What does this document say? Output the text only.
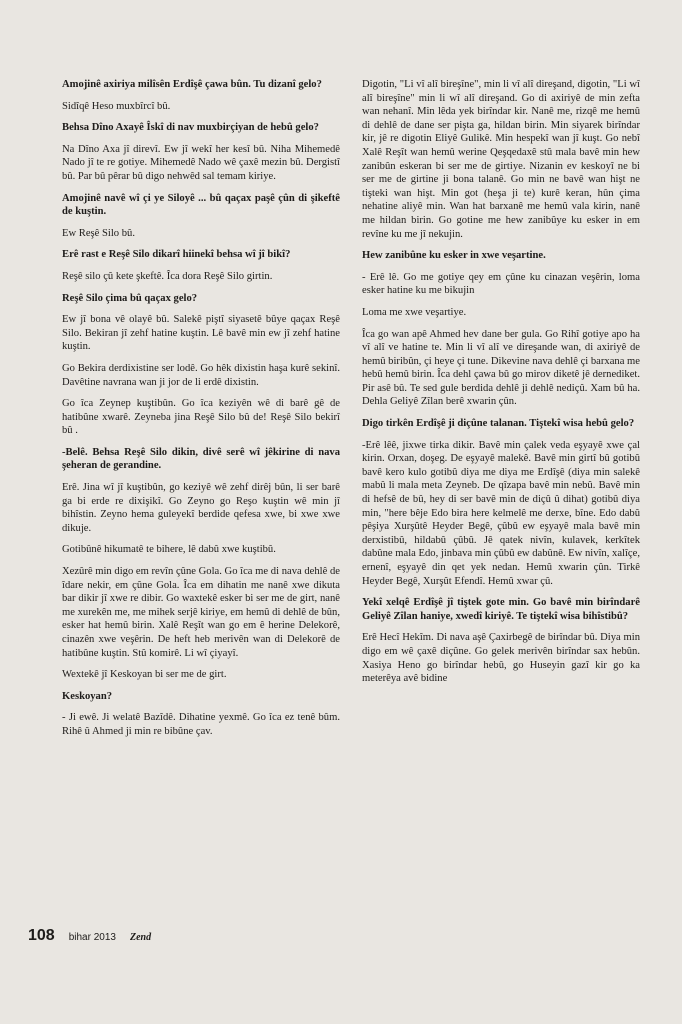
Amojinê axiriya milîsên Erdîşê çawa bûn. Tu dizanî gelo?

Sidîqê Heso muxbîrcî bû.

Behsa Dîno Axayê Îskî di nav muxbirçiyan de hebû gelo?

Na Dîno Axa jî direvî. Ew jî wekî her kesî bû. Niha Mihemedê Nado jî te re gotiye. Mihemedê Nado wê çaxê mezin bû. Dergistî bû. Par bû pêrar bû digo nehwêd sal temam kiriye.

Amojinê navê wî çi ye Siloyê ... bû qaçax paşê çûn di şikeftê de kuştin.

Ew Reşê Silo bû.

Erê rast e Reşê Silo dikarî hiinekî behsa wî jî bikî?

Reşê silo çû kete şkeftê. Îca dora Reşê Silo girtin.

Reşê Silo çima bû qaçax gelo?

Ew jî bona vê olayê bû. Salekê piştî siyasetê bûye qaçax Reşê Silo. Bekiran jî zehf hatine kuştin. Lê bavê min ew jî zehf hatine kuştin.

Go Bekira derdixistine ser lodê. Go hêk dixistin haşa kurê sekinî. Davêtine navrana wan ji jor de li erdê dixistin.

Go îca Zeynep kuştibûn. Go îca keziyên wê di barê gê de hatibûne xwarê. Zeyneba jina Reşê Silo bû de! Reşê Silo bekirî bû .

-Belê. Behsa Reşê Silo dikin, divê serê wî jêkirine di nava şeheran de gerandine.

Erê. Jina wî jî kuştibûn, go keziyê wê zehf dirêj bûn, li ser barê ga bi erde re dixişikî. Go Zeyno go Reşo kuştin wê min jî bihîstin. Zeyno hema guleyekî berdide qefesa xwe, bi xwe xwe dikuje.

Gotibûnê hikumatê te bihere, lê dabû xwe kuştibû.

Xezûrê min digo em revîn çûne Gola. Go îca me di nava dehlê de îdare nekir, em çûne Gola. Îca em dihatin me nanê xwe dikuta bar dikir jî xwe re dibir. Go waxtekê esker bi ser me de girt, nanê me xurekên me, me mihek serjê kiriye, em hemû di dehlê de bûn, esker hat hemû birin. Xalê Reşît wan go em ê herine Delekorê, cinazên xwe veşêrin. De heft heb merivên wan di Delekorê de hatibûne kuştin. Stû komirê. Li wî çiyayî.

Wextekê jî Keskoyan bi ser me de girt.

Keskoyan?

- Ji ewê. Ji welatê Bazîdê. Dihatine yexmê. Go îca ez tenê bûm. Rihê û Ahmed ji min re bibûne çav.

Digotin, "Li vî alî bireşîne", min li vî alî direşand, digotin, "Li wî alî bireşîne" min li wî alî direşand. Go di axiriyê de min zefta wan nehanî. Min lêda yek birîndar kir. Nanê me, rizqê me hemû di dehlê de dane ser pişta ga, hildan birin. Min siyarek birîndar kir, jê re digotin Eliyê Gulikê. Min hespekî wan jî kuşt. Go nebî Xalê Reşît wan hemû werine Qeşqedaxê stû mala bavê min hew zanibûn eskeran bi ser me de girtiye. Nizanin ev keskoyî ne bi ser me de girtine ji bona talanê. Go min ne bavê wan hişt ne tişteki wan hişt. Min got (heşa ji te) kurê keran, hûn çima nehatine aliyê min. Wan hat barxanê me hemû vala kirin, nanê me hildan birin. Go gotine me hew zanibûye ku esker in em revîne ku me jî nekujin.

Hew zanibûne ku esker in xwe veşartine.

- Erê lê. Go me gotiye qey em çûne ku cinazan veşêrin, loma esker hatine ku me bikujin

Loma me xwe veşartiye.

Îca go wan apê Ahmed hev dane ber gula. Go Rihî gotiye apo ha vî alî ve hatine te. Min li vî alî ve direşande wan, di axiriyê de hemû biribûn, çi heye çi tune. Dikevine nava dehlê çi barxana me hebû hemû birin. Îca dehl çawa bû go mirov diketê jê dernediket. Pir asê bû. Te sed gule berdida dehlê ji dehlê nediçû. Xam bû ha. Dehla Geliyê Zîlan berê xwarin çûn.

Digo tirkên Erdîşê ji diçûne talanan. Tiştekî wisa hebû gelo?

-Erê lêê, jixwe tirka dikir. Bavê min çalek veda eşyayê xwe çal kirin. Orxan, doşeg. De eşyayê malekê. Bavê min girtî bû gotibû bavê kero kulo gotibû diya me diya me Erdîşê (diya min salekê mabû li mala meta Zeyneb. De qîzapa bavê min nebû. Bavê min di hefsê de bû, hey di ser bavê min de diçû û dihat) gotibû diya min, "here bêje Edo bira here kelmelê me derxe, bîne. Edo dabû pêşiya Xurşûtê Heyder Begê, çûbû ew eşyayê mala bavê min derxistibû, hildabû çûbû. Jê qatek nivîn, kulavek, kerkîtek dabûne mala Edo, jinbava min çûbû ew dabûnê. Ew nivîn, xalîçe, ernenî, eşyayê din qet yek nedan. Hemû xwarin çûn. Tirkê Heyder Begê, Xurşût Efendî. Hemû xwar çû.

Yekî xelqê Erdîşê jî tiştek gote min. Go bavê min birîndarê Geliyê Zîlan haniye, xwedî kiriyê. Te tiştekî wisa bihîstibû?

Erê Hecî Hekîm. Di nava aşê Çaxirbegê de birîndar bû. Diya min digo em wê çaxê diçûne. Go gelek merivên birîndar sax hebûn. Xasiya Heno go birîndar hebû, go Huseyin gazî kir go ka meterêya avê bidine

108 bihar 2013 Zend
